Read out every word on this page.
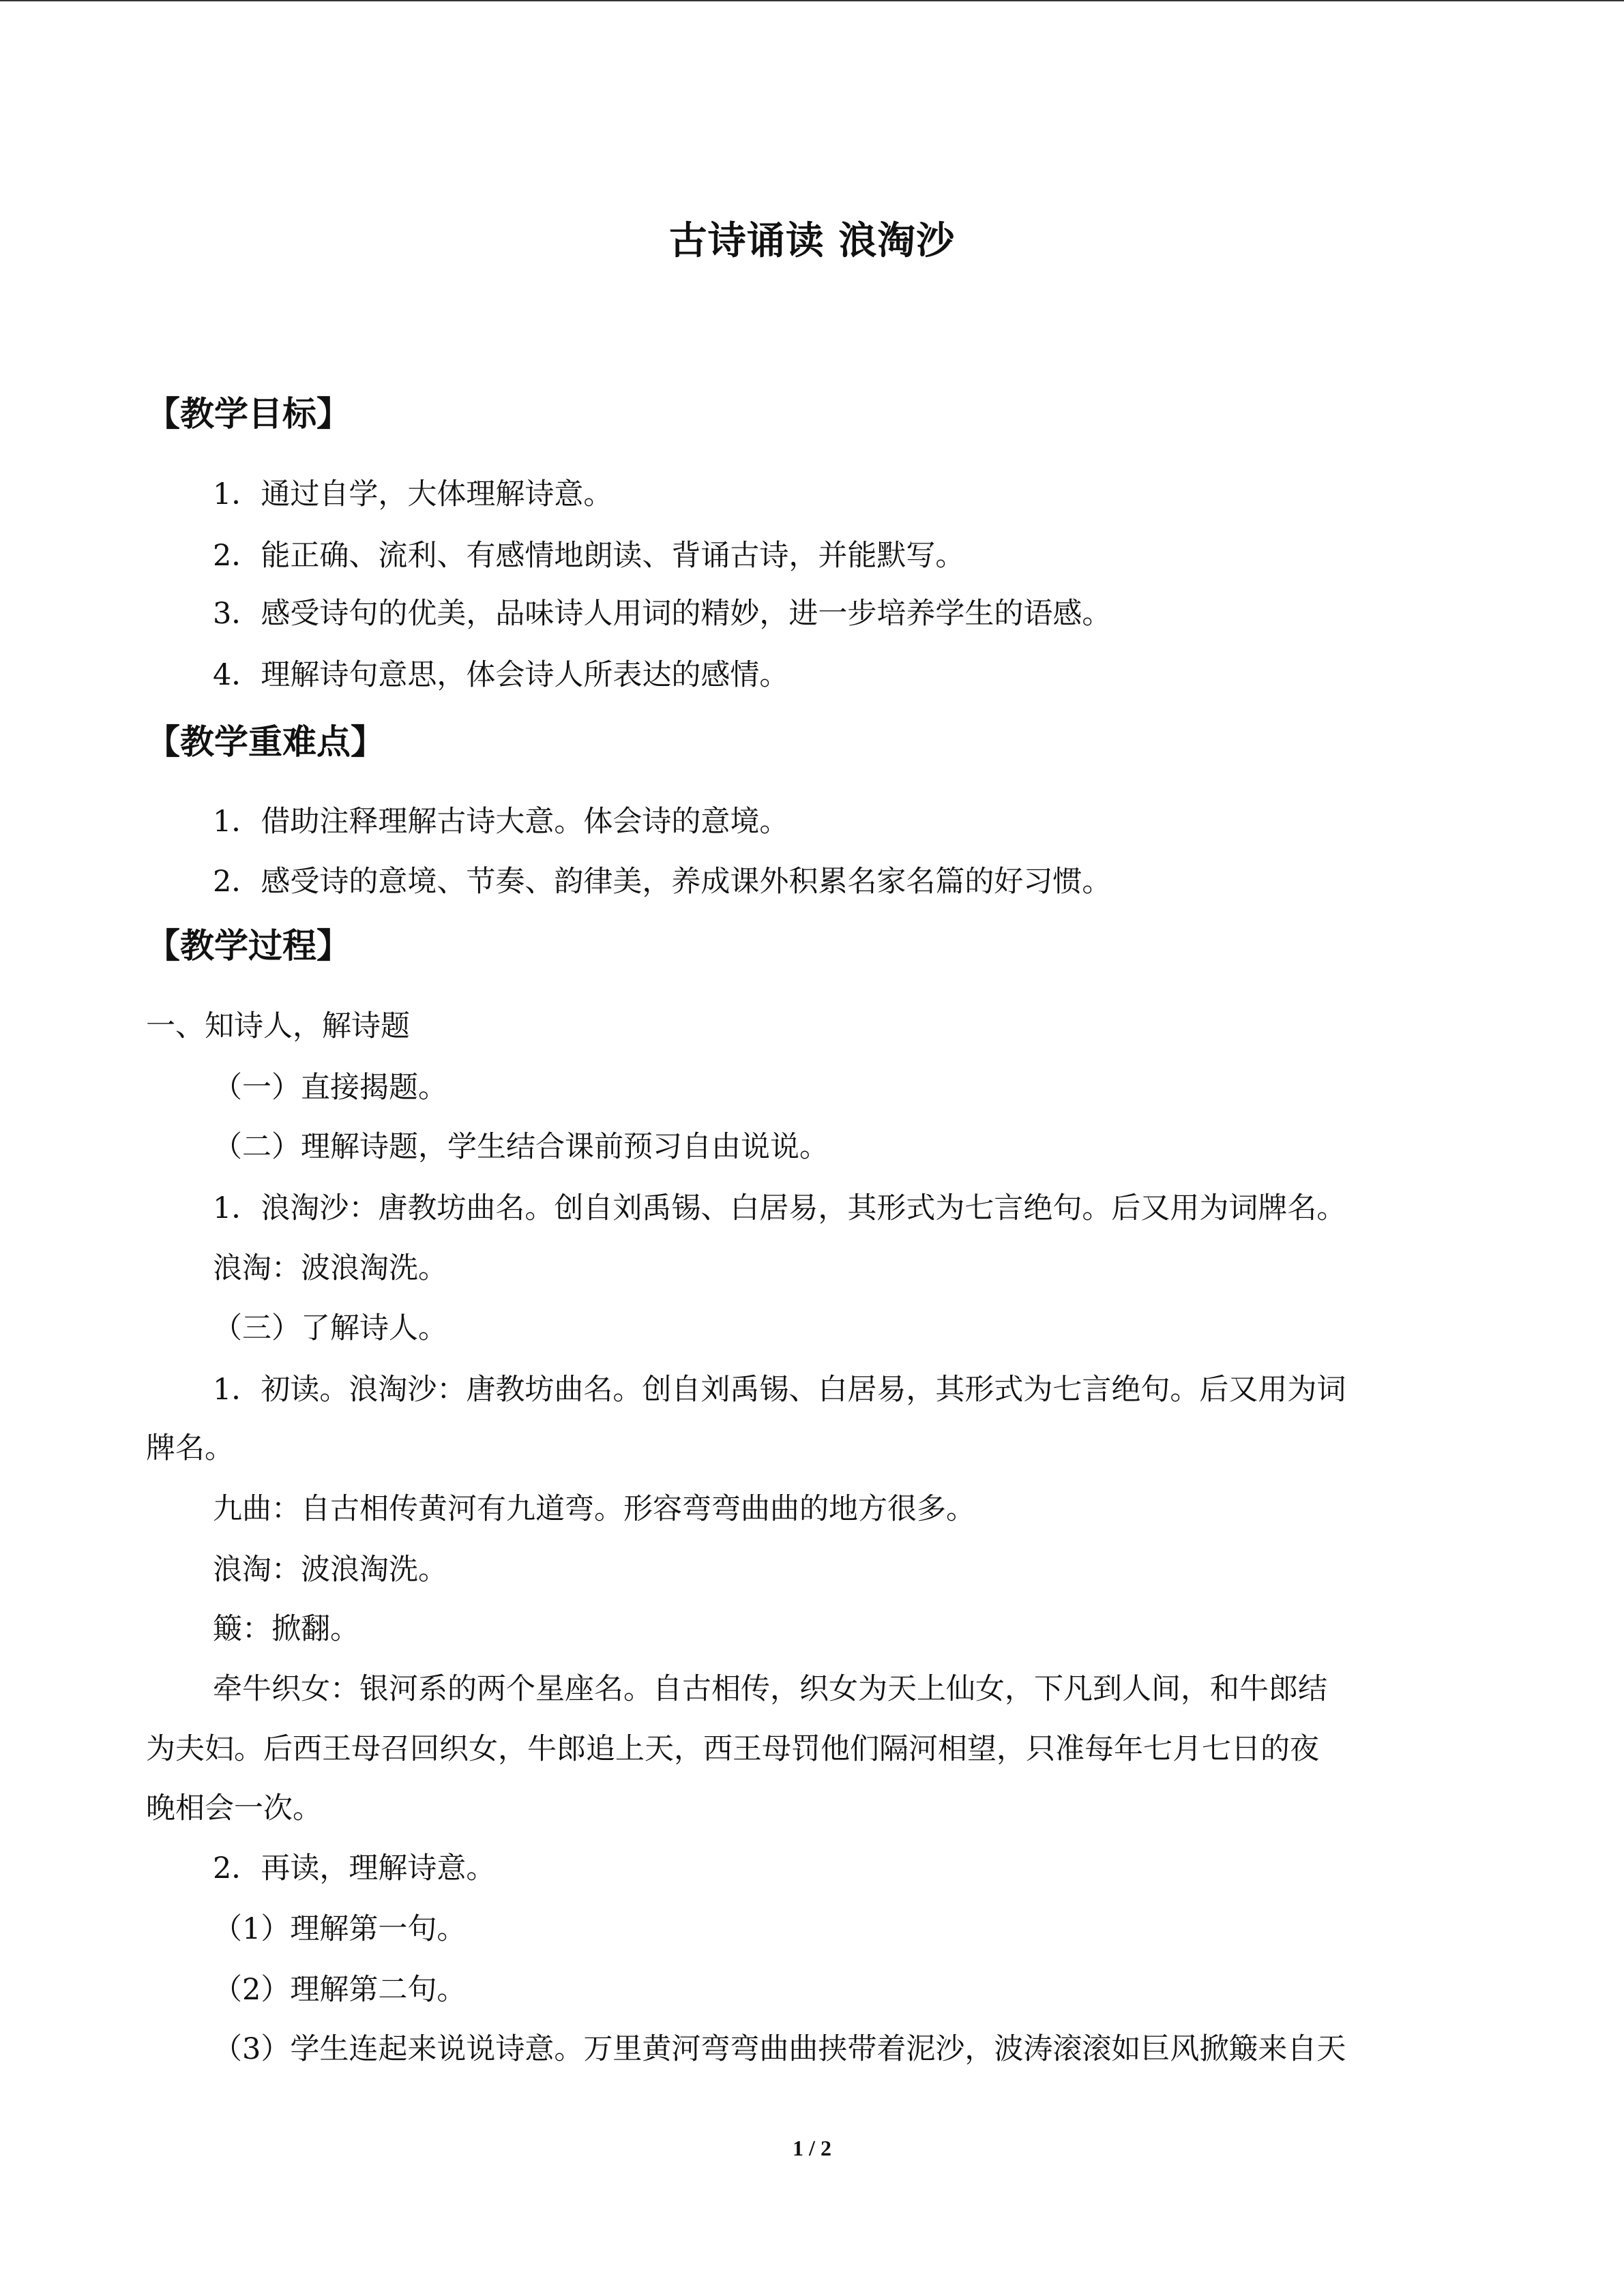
古诗诵读 浪淘沙
【教学目标】
1．通过自学，大体理解诗意。
2．能正确、流利、有感情地朗读、背诵古诗，并能默写。
3．感受诗句的优美，品味诗人用词的精妙，进一步培养学生的语感。
4．理解诗句意思，体会诗人所表达的感情。
【教学重难点】
1．借助注释理解古诗大意。体会诗的意境。
2．感受诗的意境、节奏、韵律美，养成课外积累名家名篇的好习惯。
【教学过程】
一、知诗人，解诗题
（一）直接揭题。
（二）理解诗题，学生结合课前预习自由说说。
1．浪淘沙：唐教坊曲名。创自刘禹锡、白居易，其形式为七言绝句。后又用为词牌名。
浪淘：波浪淘洗。
（三）了解诗人。
1．初读。浪淘沙：唐教坊曲名。创自刘禹锡、白居易，其形式为七言绝句。后又用为词
牌名。
九曲：自古相传黄河有九道弯。形容弯弯曲曲的地方很多。
浪淘：波浪淘洗。
簸：掀翻。
牵牛织女：银河系的两个星座名。自古相传，织女为天上仙女，下凡到人间，和牛郎结
为夫妇。后西王母召回织女，牛郎追上天，西王母罚他们隔河相望，只准每年七月七日的夜
晚相会一次。
2．再读，理解诗意。
（1）理解第一句。
（2）理解第二句。
（3）学生连起来说说诗意。万里黄河弯弯曲曲挟带着泥沙，波涛滚滚如巨风掀簸来自天
1 / 2
